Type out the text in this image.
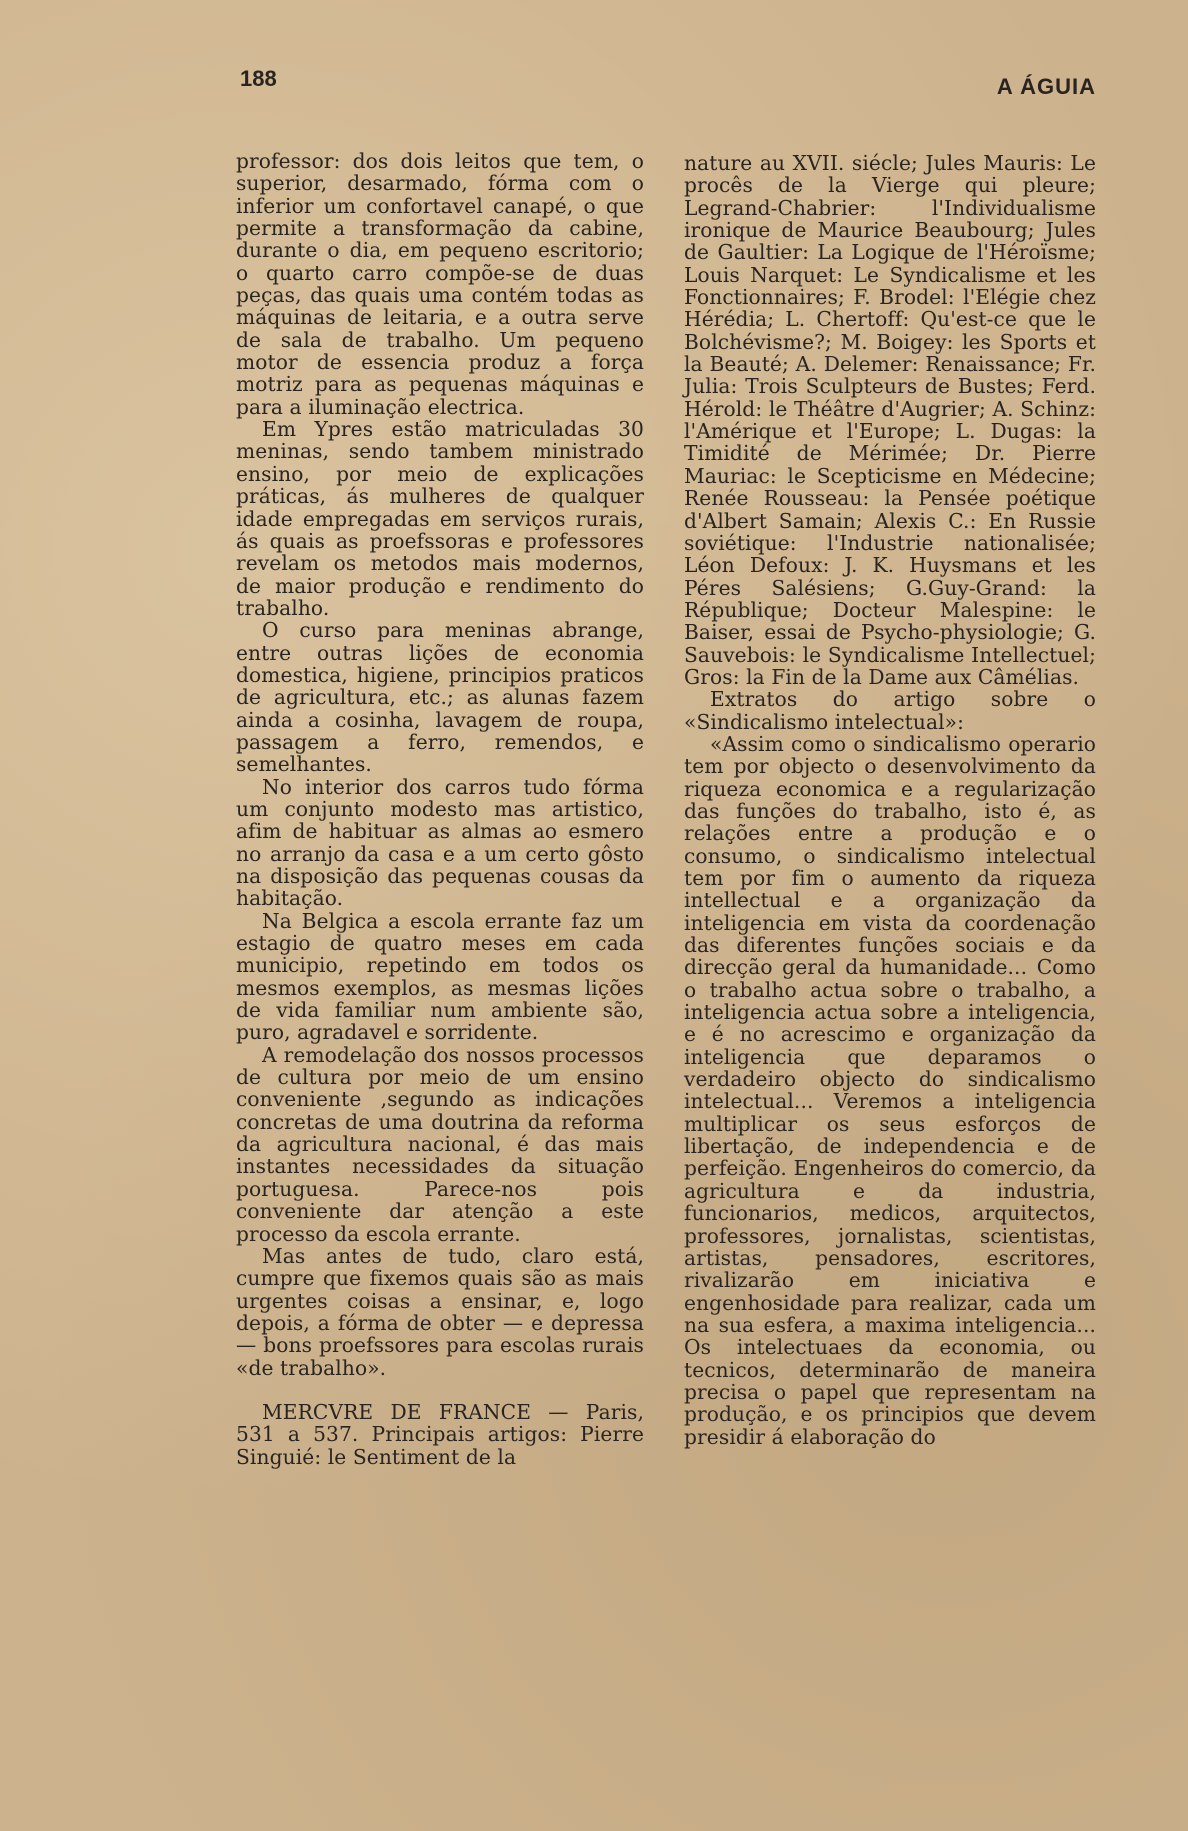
188	A ÁGUIA

professor: dos dois leitos que tem, o superior, desarmado, fórma com o inferior um confortavel canapé, o que permite a transformação da cabine, durante o dia, em pequeno escritorio; o quarto carro compõe-se de duas peças, das quais uma contém todas as máquinas de leitaria, e a outra serve de sala de trabalho. Um pequeno motor de essencia produz a força motriz para as pequenas máquinas e para a iluminação electrica.

Em Ypres estão matriculadas 30 meninas, sendo tambem ministrado ensino, por meio de explicações práticas, ás mulheres de qualquer idade empregadas em serviços rurais, ás quais as proefssoras e professores revelam os metodos mais modernos, de maior produção e rendimento do trabalho.

O curso para meninas abrange, entre outras lições de economia domestica, higiene, principios praticos de agricultura, etc.; as alunas fazem ainda a cosinha, lavagem de roupa, passagem a ferro, remendos, e semelhantes.

No interior dos carros tudo fórma um conjunto modesto mas artistico, afim de habituar as almas ao esmero no arranjo da casa e a um certo gôsto na disposição das pequenas cousas da habitação.

Na Belgica a escola errante faz um estagio de quatro meses em cada municipio, repetindo em todos os mesmos exemplos, as mesmas lições de vida familiar num ambiente são, puro, agradavel e sorridente.

A remodelação dos nossos processos de cultura por meio de um ensino conveniente ,segundo as indicações concretas de uma doutrina da reforma da agricultura nacional, é das mais instantes necessidades da situação portuguesa. Parece-nos pois conveniente dar atenção a este processo da escola errante.

Mas antes de tudo, claro está, cumpre que fixemos quais são as mais urgentes coisas a ensinar, e, logo depois, a fórma de obter — e depressa — bons proefssores para escolas rurais «de trabalho».

MERCVRE DE FRANCE — Paris, 531 a 537. Principais artigos: Pierre Singuié: le Sentiment de la

nature au XVII. siécle; Jules Mauris: Le procês de la Vierge qui pleure; Legrand-Chabrier: l'Individualisme ironique de Maurice Beaubourg; Jules de Gaultier: La Logique de l'Héroïsme; Louis Narquet: Le Syndicalisme et les Fonctionnaires; F. Brodel: l'Elégie chez Hérédia; L. Chertoff: Qu'est-ce que le Bolchévisme?; M. Boigey: les Sports et la Beauté; A. Delemer: Renaissance; Fr. Julia: Trois Sculpteurs de Bustes; Ferd. Hérold: le Théâtre d'Augrier; A. Schinz: l'Amérique et l'Europe; L. Dugas: la Timidité de Mérimée; Dr. Pierre Mauriac: le Scepticisme en Médecine; Renée Rousseau: la Pensée poétique d'Albert Samain; Alexis C.: En Russie soviétique: l'Industrie nationalisée; Léon Defoux: J. K. Huysmans et les Péres Salésiens; G.Guy-Grand: la République; Docteur Malespine: le Baiser, essai de Psycho-physiologie; G. Sauvebois: le Syndicalisme Intellectuel; Gros: la Fin de la Dame aux Câmélias.

Extratos do artigo sobre o «Sindicalismo intelectual»:

«Assim como o sindicalismo operario tem por objecto o desenvolvimento da riqueza economica e a regularização das funções do trabalho, isto é, as relações entre a produção e o consumo, o sindicalismo intelectual tem por fim o aumento da riqueza intellectual e a organização da inteligencia em vista da coordenação das diferentes funções sociais e da direcção geral da humanidade... Como o trabalho actua sobre o trabalho, a inteligencia actua sobre a inteligencia, e é no acrescimo e organização da inteligencia que deparamos o verdadeiro objecto do sindicalismo intelectual... Veremos a inteligencia multiplicar os seus esforços de libertação, de independencia e de perfeição. Engenheiros do comercio, da agricultura e da industria, funcionarios, medicos, arquitectos, professores, jornalistas, scientistas, artistas, pensadores, escritores, rivalizarão em iniciativa e engenhosidade para realizar, cada um na sua esfera, a maxima inteligencia... Os intelectuaes da economia, ou tecnicos, determinarão de maneira precisa o papel que representam na produção, e os principios que devem presidir á elaboração do
